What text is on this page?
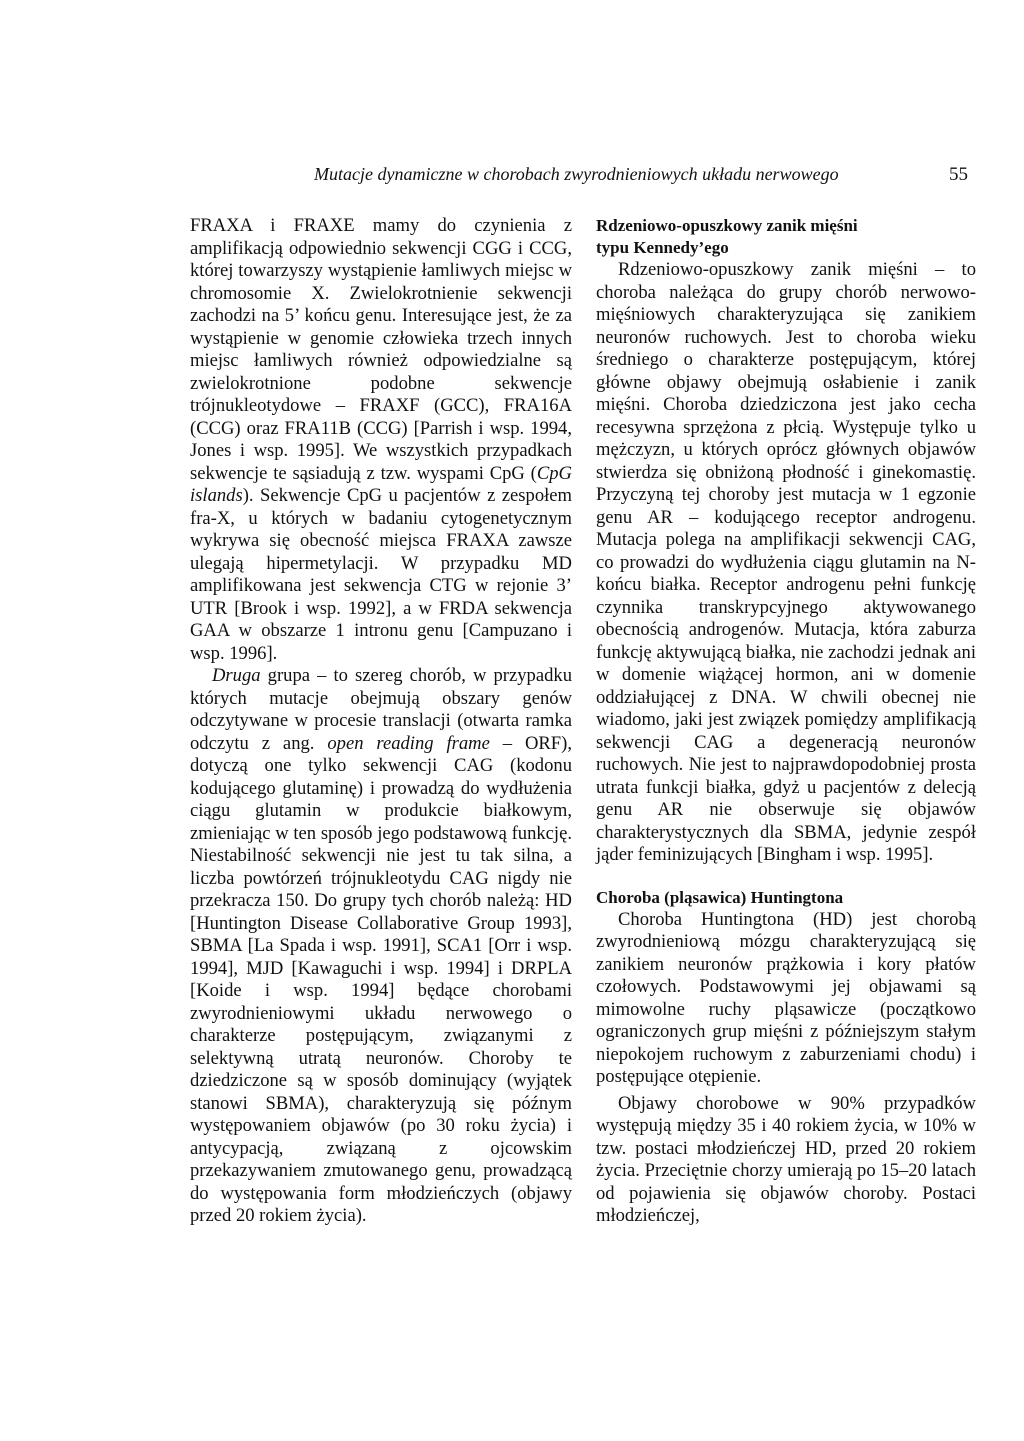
Mutacje dynamiczne w chorobach zwyrodnieniowych układu nerwowego	55

FRAXA i FRAXE mamy do czynienia z amplifikacją odpowiednio sekwencji CGG i CCG, której towarzyszy wystąpienie łamliwych miejsc w chromosomie X. Zwielokrotnienie sekwencji zachodzi na 5’ końcu genu. Interesujące jest, że za wystąpienie w genomie człowieka trzech innych miejsc łamliwych również odpowiedzialne są zwielokrotnione podobne sekwencje trójnukleotydowe – FRAXF (GCC), FRA16A (CCG) oraz FRA11B (CCG) [Parrish i wsp. 1994, Jones i wsp. 1995]. We wszystkich przypadkach sekwencje te sąsiadują z tzw. wyspami CpG (CpG islands). Sekwencje CpG u pacjentów z zespołem fra-X, u których w badaniu cytogenetycznym wykrywa się obecność miejsca FRAXA zawsze ulegają hipermetylacji. W przypadku MD amplifikowana jest sekwencja CTG w rejonie 3’ UTR [Brook i wsp. 1992], a w FRDA sekwencja GAA w obszarze 1 intronu genu [Campuzano i wsp. 1996].

Druga grupa – to szereg chorób, w przypadku których mutacje obejmują obszary genów odczytywane w procesie translacji (otwarta ramka odczytu z ang. open reading frame – ORF), dotyczą one tylko sekwencji CAG (kodonu kodującego glutaminę) i prowadzą do wydłużenia ciągu glutamin w produkcie białkowym, zmieniając w ten sposób jego podstawową funkcję. Niestabilność sekwencji nie jest tu tak silna, a liczba powtórzeń trójnukleotydu CAG nigdy nie przekracza 150. Do grupy tych chorób należą: HD [Huntington Disease Collaborative Group 1993], SBMA [La Spada i wsp. 1991], SCA1 [Orr i wsp. 1994], MJD [Kawaguchi i wsp. 1994] i DRPLA [Koide i wsp. 1994] będące chorobami zwyrodnieniowymi układu nerwowego o charakterze postępującym, związanymi z selektywną utratą neuronów. Choroby te dziedziczone są w sposób dominujący (wyjątek stanowi SBMA), charakteryzują się późnym występowaniem objawów (po 30 roku życia) i antycypacją, związaną z ojcowskim przekazywaniem zmutowanego genu, prowadzącą do występowania form młodzieńczych (objawy przed 20 rokiem życia).

Rdzeniowo-opuszkowy zanik mięśni
typu Kennedy’ego

Rdzeniowo-opuszkowy zanik mięśni – to choroba należąca do grupy chorób nerwowo-mięśniowych charakteryzująca się zanikiem neuronów ruchowych. Jest to choroba wieku średniego o charakterze postępującym, której główne objawy obejmują osłabienie i zanik mięśni. Choroba dziedziczona jest jako cecha recesywna sprzężona z płcią. Występuje tylko u mężczyzn, u których oprócz głównych objawów stwierdza się obniżoną płodność i ginekomastię. Przyczyną tej choroby jest mutacja w 1 egzonie genu AR – kodującego receptor androgenu. Mutacja polega na amplifikacji sekwencji CAG, co prowadzi do wydłużenia ciągu glutamin na N-końcu białka. Receptor androgenu pełni funkcję czynnika transkrypcyjnego aktywowanego obecnością androgenów. Mutacja, która zaburza funkcję aktywującą białka, nie zachodzi jednak ani w domenie wiążącej hormon, ani w domenie oddziałującej z DNA. W chwili obecnej nie wiadomo, jaki jest związek pomiędzy amplifikacją sekwencji CAG a degeneracją neuronów ruchowych. Nie jest to najprawdopodobniej prosta utrata funkcji białka, gdyż u pacjentów z delecją genu AR nie obserwuje się objawów charakterystycznych dla SBMA, jedynie zespół jąder feminizujących [Bingham i wsp. 1995].

Choroba (pląsawica) Huntingtona

Choroba Huntingtona (HD) jest chorobą zwyrodnieniową mózgu charakteryzującą się zanikiem neuronów prążkowia i kory płatów czołowych. Podstawowymi jej objawami są mimowolne ruchy pląsawicze (początkowo ograniczonych grup mięśni z późniejszym stałym niepokojem ruchowym z zaburzeniami chodu) i postępujące otępienie.

Objawy chorobowe w 90% przypadków występują między 35 i 40 rokiem życia, w 10% w tzw. postaci młodzieńczej HD, przed 20 rokiem życia. Przeciętnie chorzy umierają po 15–20 latach od pojawienia się objawów choroby. Postaci młodzieńczej,
